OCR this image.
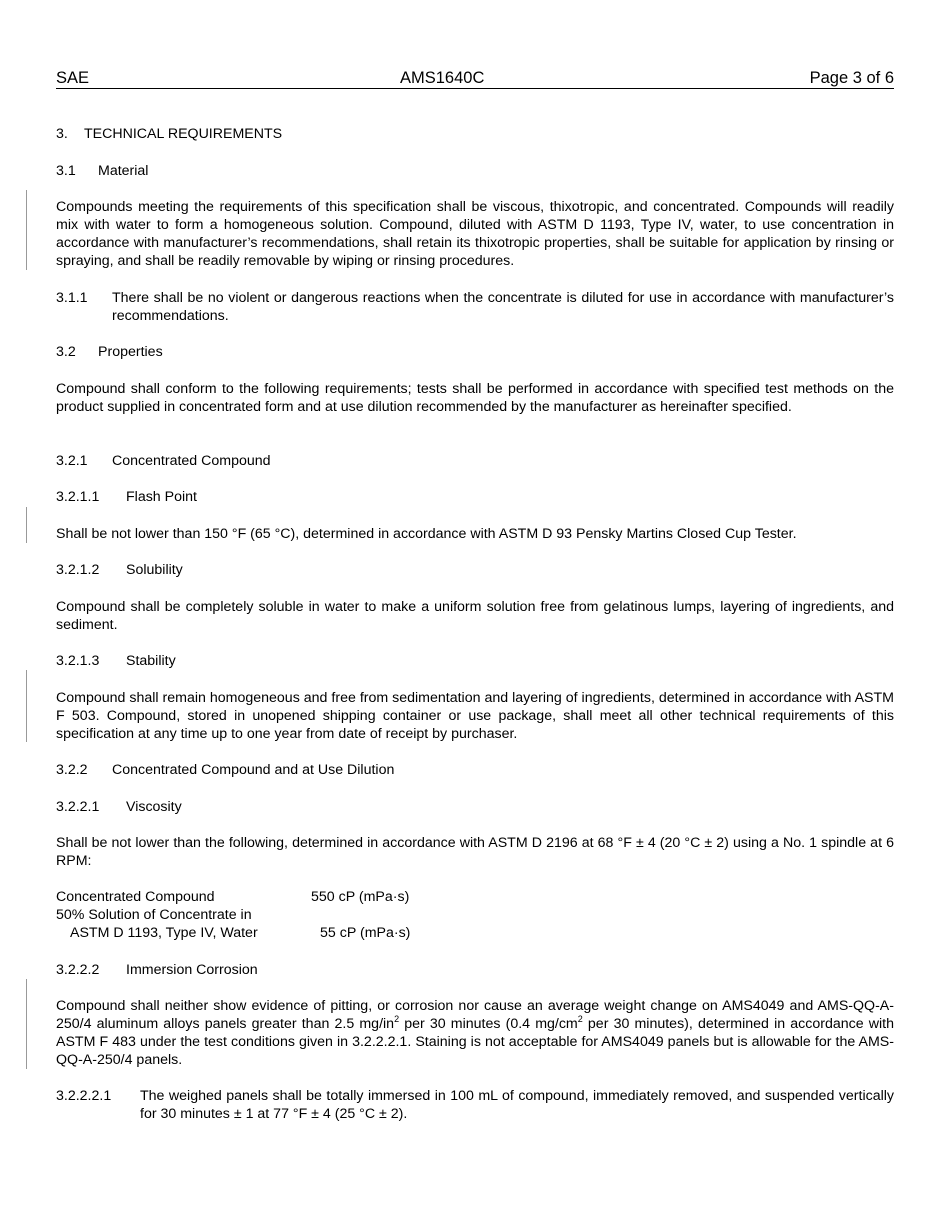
SAE	AMS1640C	Page 3 of 6
3. TECHNICAL REQUIREMENTS
3.1 Material
Compounds meeting the requirements of this specification shall be viscous, thixotropic, and concentrated. Compounds will readily mix with water to form a homogeneous solution. Compound, diluted with ASTM D 1193, Type IV, water, to use concentration in accordance with manufacturer’s recommendations, shall retain its thixotropic properties, shall be suitable for application by rinsing or spraying, and shall be readily removable by wiping or rinsing procedures.
3.1.1	There shall be no violent or dangerous reactions when the concentrate is diluted for use in accordance with manufacturer’s recommendations.
3.2 Properties
Compound shall conform to the following requirements; tests shall be performed in accordance with specified test methods on the product supplied in concentrated form and at use dilution recommended by the manufacturer as hereinafter specified.
3.2.1 Concentrated Compound
3.2.1.1 Flash Point
Shall be not lower than 150 °F (65 °C), determined in accordance with ASTM D 93 Pensky Martins Closed Cup Tester.
3.2.1.2 Solubility
Compound shall be completely soluble in water to make a uniform solution free from gelatinous lumps, layering of ingredients, and sediment.
3.2.1.3 Stability
Compound shall remain homogeneous and free from sedimentation and layering of ingredients, determined in accordance with ASTM F 503. Compound, stored in unopened shipping container or use package, shall meet all other technical requirements of this specification at any time up to one year from date of receipt by purchaser.
3.2.2 Concentrated Compound and at Use Dilution
3.2.2.1 Viscosity
Shall be not lower than the following, determined in accordance with ASTM D 2196 at 68 °F ± 4 (20 °C ± 2) using a No. 1 spindle at 6 RPM:
Concentrated Compound	550 cP (mPa·s)
50% Solution of Concentrate in
ASTM D 1193, Type IV, Water	55 cP (mPa·s)
3.2.2.2 Immersion Corrosion
Compound shall neither show evidence of pitting, or corrosion nor cause an average weight change on AMS4049 and AMS-QQ-A-250/4 aluminum alloys panels greater than 2.5 $mg/in^2$ per 30 minutes (0.4 $mg/cm^2$ per 30 minutes), determined in accordance with ASTM F 483 under the test conditions given in 3.2.2.2.1. Staining is not acceptable for AMS4049 panels but is allowable for the AMS-QQ-A-250/4 panels.
3.2.2.2.1	The weighed panels shall be totally immersed in 100 mL of compound, immediately removed, and suspended vertically for 30 minutes ± 1 at 77 °F ± 4 (25 °C ± 2).
